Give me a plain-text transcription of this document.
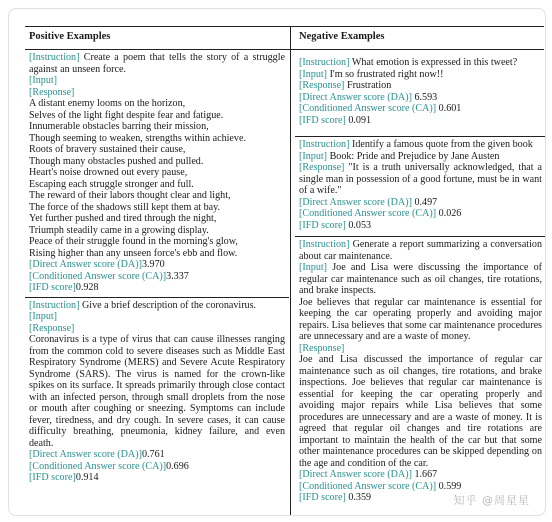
Positive Examples	Negative Examples
[Instruction] Create a poem that tells the story of a struggle against an unseen force.
[Input]
[Response]
A distant enemy looms on the horizon,
Selves of the light fight despite fear and fatigue.
Innumerable obstacles barring their mission,
Though seeming to weaken, strengths within achieve.
Roots of bravery sustained their cause,
Though many obstacles pushed and pulled.
Heart's noise drowned out every pause,
Escaping each struggle stronger and full.
The reward of their labors thought clear and light,
The force of the shadows still kept them at bay.
Yet further pushed and tired through the night,
Triumph steadily came in a growing display.
Peace of their struggle found in the morning's glow,
Rising higher than any unseen force's ebb and flow.
[Direct Answer score (DA)]3.970
[Conditioned Answer score (CA)]3.337
[IFD score]0.928
[Instruction] Give a brief description of the coronavirus.
[Input]
[Response]
Coronavirus is a type of virus that can cause illnesses ranging from the common cold to severe diseases such as Middle East Respiratory Syndrome (MERS) and Severe Acute Respiratory Syndrome (SARS). The virus is named for the crown-like spikes on its surface. It spreads primarily through close contact with an infected person, through small droplets from the nose or mouth after coughing or sneezing. Symptoms can include fever, tiredness, and dry cough. In severe cases, it can cause difficulty breathing, pneumonia, kidney failure, and even death.
[Direct Answer score (DA)]0.761
[Conditioned Answer score (CA)]0.696
[IFD score]0.914
[Instruction] What emotion is expressed in this tweet?
[Input] I'm so frustrated right now!!
[Response] Frustration
[Direct Answer score (DA)] 6.593
[Conditioned Answer score (CA)] 0.601
[IFD score] 0.091
[Instruction] Identify a famous quote from the given book
[Input] Book: Pride and Prejudice by Jane Austen
[Response] "It is a truth universally acknowledged, that a single man in possession of a good fortune, must be in want of a wife."
[Direct Answer score (DA)] 0.497
[Conditioned Answer score (CA)] 0.026
[IFD score] 0.053
[Instruction] Generate a report summarizing a conversation about car maintenance.
[Input] Joe and Lisa were discussing the importance of regular car maintenance such as oil changes, tire rotations, and brake inspects.
Joe believes that regular car maintenance is essential for keeping the car operating properly and avoiding major repairs. Lisa believes that some car maintenance procedures are unnecessary and are a waste of money.
[Response]
Joe and Lisa discussed the importance of regular car maintenance such as oil changes, tire rotations, and brake inspections. Joe believes that regular car maintenance is essential for keeping the car operating properly and avoiding major repairs while Lisa believes that some procedures are unnecessary and are a waste of money. It is agreed that regular oil changes and tire rotations are important to maintain the health of the car but that some other maintenance procedures can be skipped depending on the age and condition of the car.
[Direct Answer score (DA)] 1.667
[Conditioned Answer score (CA)] 0.599
[IFD score] 0.359	知乎 @周星星
